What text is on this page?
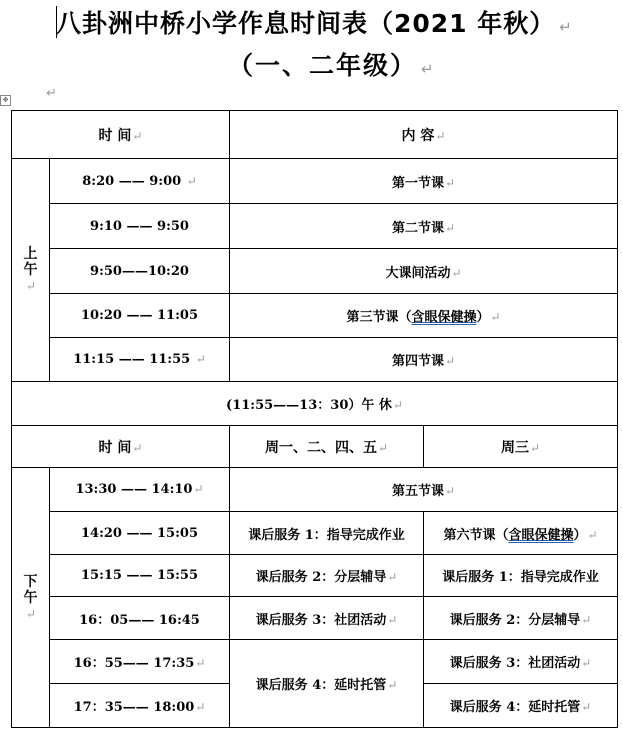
八卦洲中桥小学作息时间表（2021 年秋） ↵
（一、二年级） ↵
↵
✥
时 间↵		内 容↵	

上
午
↵	8:20 —— 9:00 ↵	第一节课↵	
	9:10 —— 9:50	第二节课↵	
	9:50——10:20	大课间活动↵	
	10:20 —— 11:05	第三节课（含眼保健操）↵	
	11:15 —— 11:55 ↵	第四节课↵	
(11:55——13：30）午 休↵			
时 间↵		周一、二、四、五↵	周三↵

下
午
↵	13:30 —— 14:10↵	第五节课↵	
	14:20 —— 15:05	课后服务 1：指导完成作业	第六节课（含眼保健操）↵
	15:15 —— 15:55	课后服务 2：分层辅导↵	课后服务 1：指导完成作业
	16：05—— 16:45	课后服务 3：社团活动↵	课后服务 2：分层辅导↵
	16：55—— 17:35↵	课后服务 4：延时托管↵	课后服务 3：社团活动↵
	17：35—— 18:00↵		课后服务 4：延时托管↵
